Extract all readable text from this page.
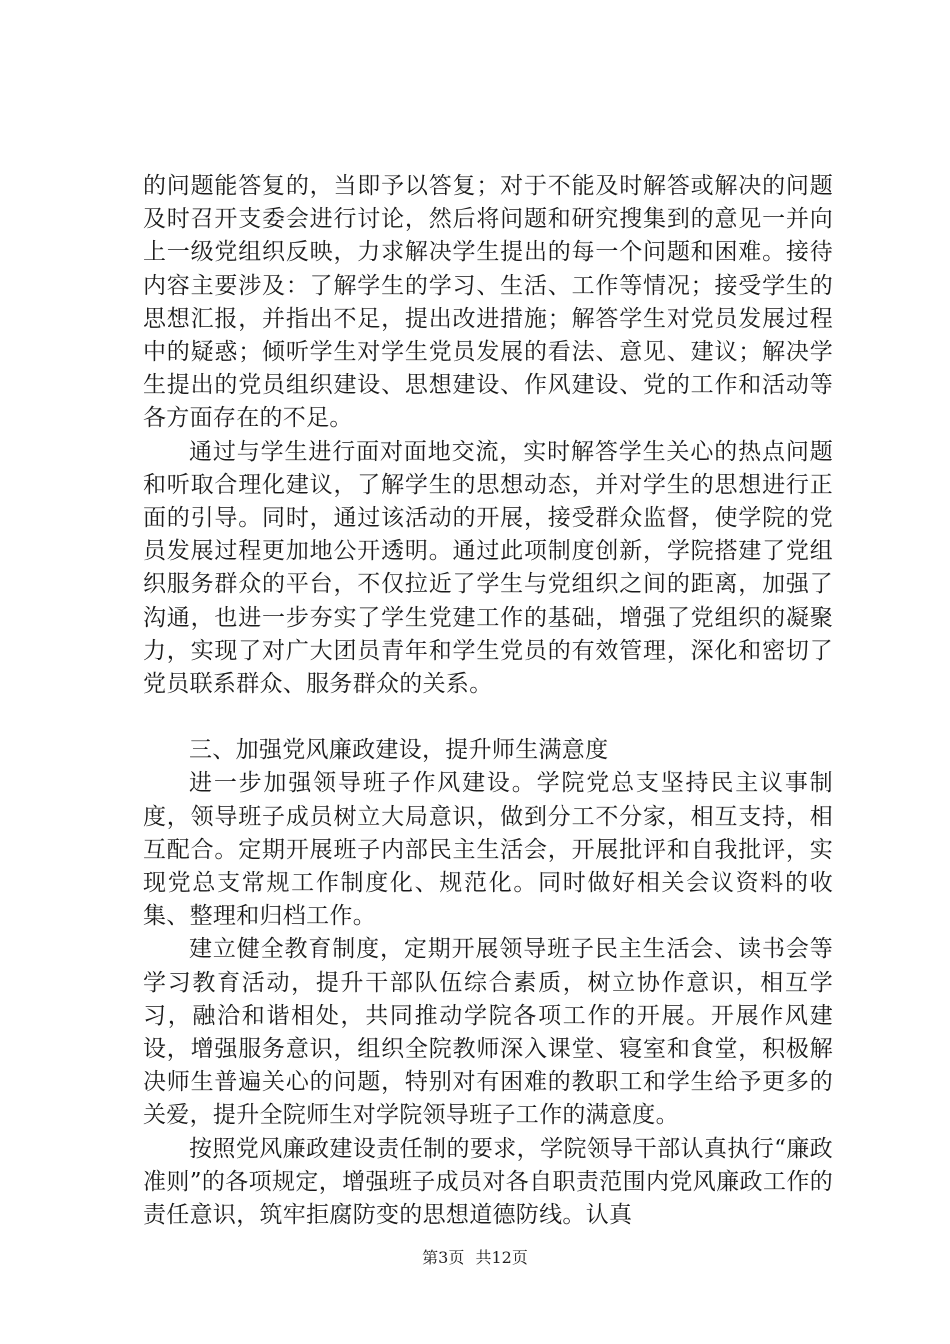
的问题能答复的，当即予以答复；对于不能及时解答或解决的问题及时召开支委会进行讨论，然后将问题和研究搜集到的意见一并向上一级党组织反映，力求解决学生提出的每一个问题和困难。接待内容主要涉及：了解学生的学习、生活、工作等情况；接受学生的思想汇报，并指出不足，提出改进措施；解答学生对党员发展过程中的疑惑；倾听学生对学生党员发展的看法、意见、建议；解决学生提出的党员组织建设、思想建设、作风建设、党的工作和活动等各方面存在的不足。

通过与学生进行面对面地交流，实时解答学生关心的热点问题和听取合理化建议，了解学生的思想动态，并对学生的思想进行正面的引导。同时，通过该活动的开展，接受群众监督，使学院的党员发展过程更加地公开透明。通过此项制度创新，学院搭建了党组织服务群众的平台，不仅拉近了学生与党组织之间的距离，加强了沟通，也进一步夯实了学生党建工作的基础，增强了党组织的凝聚力，实现了对广大团员青年和学生党员的有效管理，深化和密切了党员联系群众、服务群众的关系。

三、加强党风廉政建设，提升师生满意度

进一步加强领导班子作风建设。学院党总支坚持民主议事制度，领导班子成员树立大局意识，做到分工不分家，相互支持，相互配合。定期开展班子内部民主生活会，开展批评和自我批评，实现党总支常规工作制度化、规范化。同时做好相关会议资料的收集、整理和归档工作。

建立健全教育制度，定期开展领导班子民主生活会、读书会等学习教育活动，提升干部队伍综合素质，树立协作意识，相互学习，融洽和谐相处，共同推动学院各项工作的开展。开展作风建设，增强服务意识，组织全院教师深入课堂、寝室和食堂，积极解决师生普遍关心的问题，特别对有困难的教职工和学生给予更多的关爱，提升全院师生对学院领导班子工作的满意度。

按照党风廉政建设责任制的要求，学院领导干部认真执行“廉政准则”的各项规定，增强班子成员对各自职责范围内党风廉政工作的责任意识，筑牢拒腐防变的思想道德防线。认真

第3页 共12页
